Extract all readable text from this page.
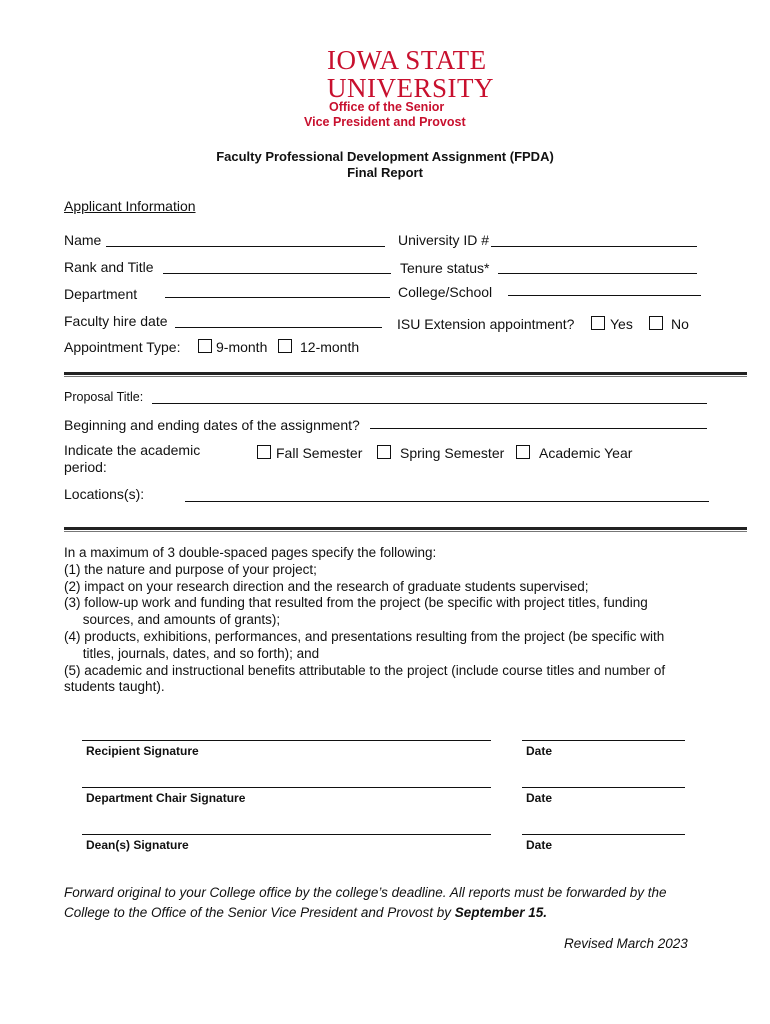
IOWA STATE
UNIVERSITY
Office of the Senior
Vice President and Provost
Faculty Professional Development Assignment (FPDA)
Final Report
Applicant Information
Name	University ID #
Rank and Title	Tenure status*
Department	College/School
Faculty hire date	ISU Extension appointment?	Yes	No
Appointment Type:	9-month 12-month
Proposal Title:
Beginning and ending dates of the assignment?
Indicate the academic
period:
Fall Semester	Spring Semester Academic Year
Locations(s):
In a maximum of 3 double-spaced pages specify the following:
(1) the nature and purpose of your project;
(2) impact on your research direction and the research of graduate students supervised;
(3) follow-up work and funding that resulted from the project (be specific with project titles, funding
sources, and amounts of grants);
(4) products, exhibitions, performances, and presentations resulting from the project (be specific with
titles, journals, dates, and so forth); and
(5) academic and instructional benefits attributable to the project (include course titles and number of
students taught).
Recipient Signature	Date
Department Chair Signature	Date
Dean(s) Signature	Date
Forward original to your College office by the college’s deadline. All reports must be forwarded by the
College to the Office of the Senior Vice President and Provost by September 15.
Revised March 2023
